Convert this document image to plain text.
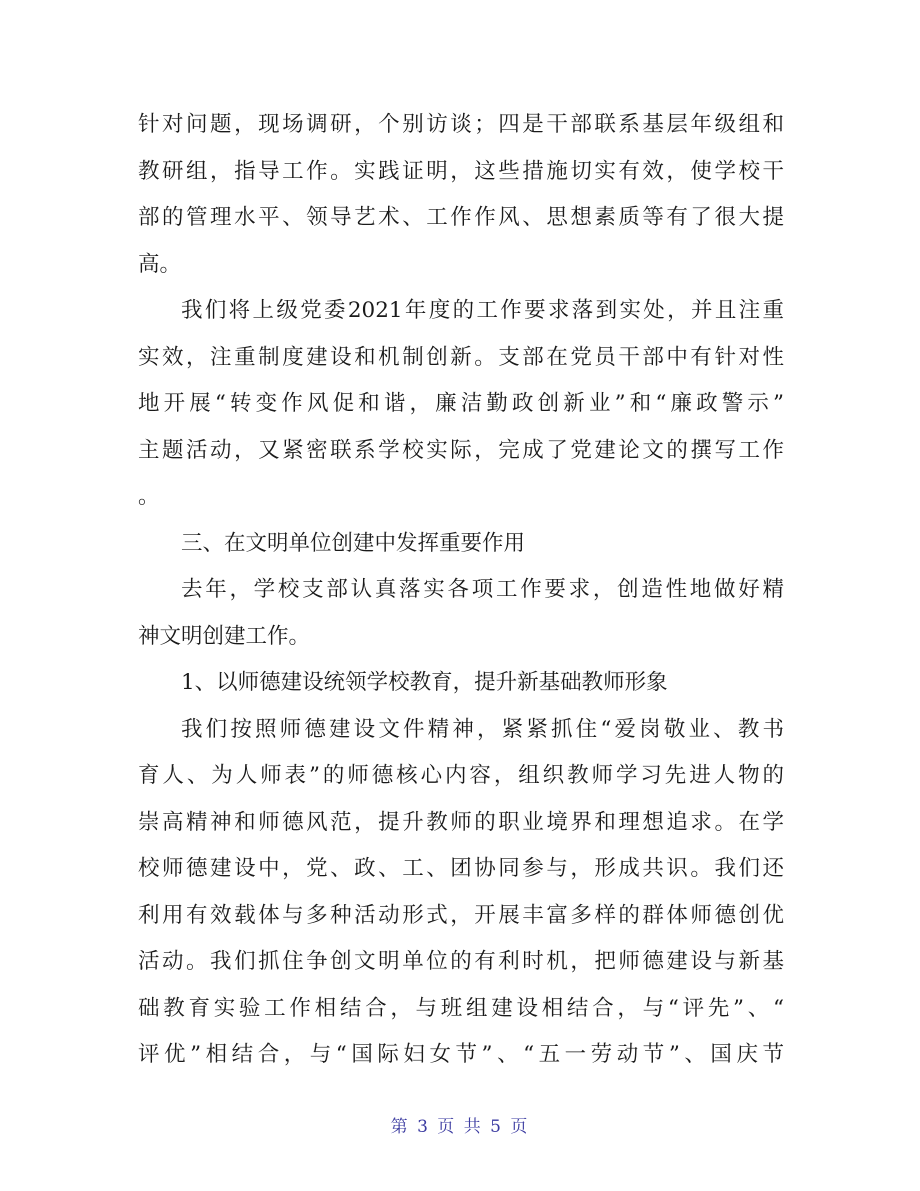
针对问题，现场调研，个别访谈；四是干部联系基层年级组和
教研组，指导工作。实践证明，这些措施切实有效，使学校干
部的管理水平、领导艺术、工作作风、思想素质等有了很大提
高。
我们将上级党委2021年度的工作要求落到实处，并且注重
实效，注重制度建设和机制创新。支部在党员干部中有针对性
地开展“转变作风促和谐，廉洁勤政创新业”和“廉政警示”
主题活动，又紧密联系学校实际，完成了党建论文的撰写工作
。
三、在文明单位创建中发挥重要作用
去年，学校支部认真落实各项工作要求，创造性地做好精
神文明创建工作。
1、以师德建设统领学校教育，提升新基础教师形象
我们按照师德建设文件精神，紧紧抓住“爱岗敬业、教书
育人、为人师表”的师德核心内容，组织教师学习先进人物的
崇高精神和师德风范，提升教师的职业境界和理想追求。在学
校师德建设中，党、政、工、团协同参与，形成共识。我们还
利用有效载体与多种活动形式，开展丰富多样的群体师德创优
活动。我们抓住争创文明单位的有利时机，把师德建设与新基
础教育实验工作相结合，与班组建设相结合，与“评先”、“
评优”相结合，与“国际妇女节”、“五一劳动节”、国庆节
第 3 页 共 5 页
